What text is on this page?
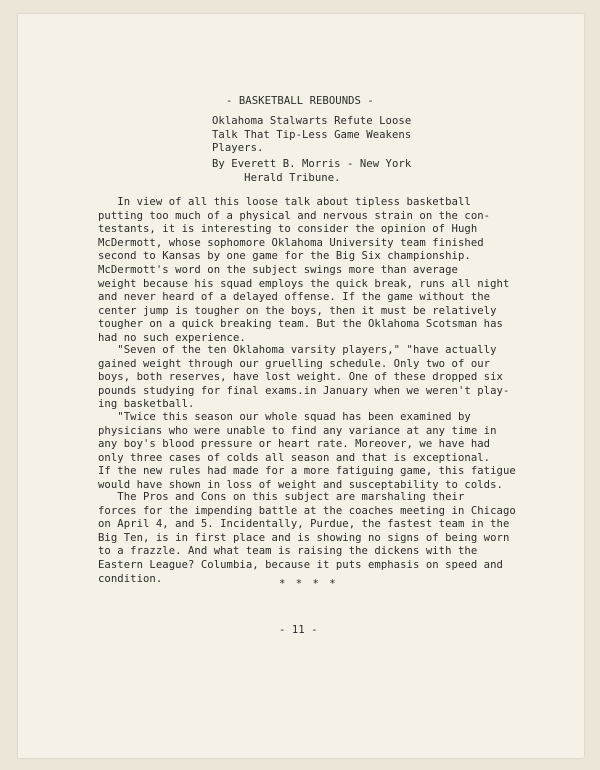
- BASKETBALL REBOUNDS -
Oklahoma Stalwarts Refute Loose
Talk That Tip-Less Game Weakens
Players.
By Everett B. Morris - New York
Herald Tribune.
In view of all this loose talk about tipless basketball
putting too much of a physical and nervous strain on the con-
testants, it is interesting to consider the opinion of Hugh
McDermott, whose sophomore Oklahoma University team finished
second to Kansas by one game for the Big Six championship.
McDermott's word on the subject swings more than average
weight because his squad employs the quick break, runs all night
and never heard of a delayed offense. If the game without the
center jump is tougher on the boys, then it must be relatively
tougher on a quick breaking team. But the Oklahoma Scotsman has
had no such experience.
"Seven of the ten Oklahoma varsity players," "have actually
gained weight through our gruelling schedule. Only two of our
boys, both reserves, have lost weight. One of these dropped six
pounds studying for final exams.in January when we weren't play-
ing basketball.
"Twice this season our whole squad has been examined by
physicians who were unable to find any variance at any time in
any boy's blood pressure or heart rate. Moreover, we have had
only three cases of colds all season and that is exceptional.
If the new rules had made for a more fatiguing game, this fatigue
would have shown in loss of weight and susceptability to colds.
The Pros and Cons on this subject are marshaling their
forces for the impending battle at the coaches meeting in Chicago
on April 4, and 5. Incidentally, Purdue, the fastest team in the
Big Ten, is in first place and is showing no signs of being worn
to a frazzle. And what team is raising the dickens with the
Eastern League? Columbia, because it puts emphasis on speed and
condition.	* * * *
- 11 -
